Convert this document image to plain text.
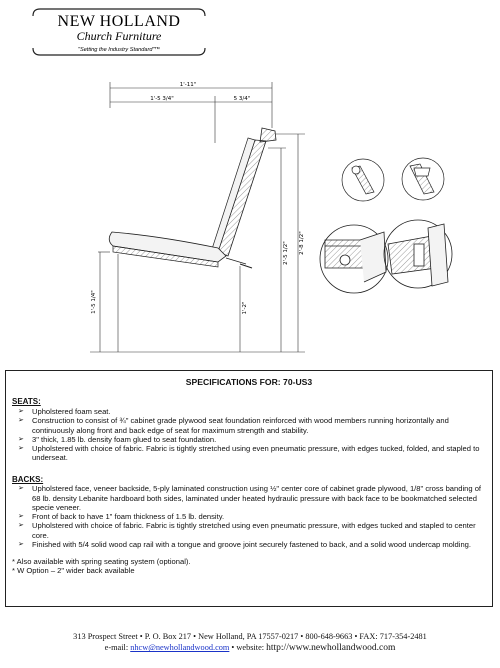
NEW HOLLAND
Church Furniture
"Setting the Industry Standard"™
1'-11"
1'-5 3/4"	5 3/4"
2'-8 1/2"
2'-5 1/2"
1'-2"
1'-5 1/4"
SPECIFICATIONS FOR: 70-US3
SEATS:
➢ Upholstered foam seat.
➢ Construction to consist of ¾" cabinet grade plywood seat foundation reinforced with wood members running horizontally and continuously along front and back edge of seat for maximum strength and stability.
➢ 3" thick, 1.85 lb. density foam glued to seat foundation.
➢ Upholstered with choice of fabric. Fabric is tightly stretched using even pneumatic pressure, with edges tucked, folded, and stapled to underseat.
BACKS:
➢ Upholstered face, veneer backside, 5-ply laminated construction using ½" center core of cabinet grade plywood, 1/8" cross banding of 68 lb. density Lebanite hardboard both sides, laminated under heated hydraulic pressure with back face to be bookmatched selected specie veneer.
➢ Front of back to have 1" foam thickness of 1.5 lb. density.
➢ Upholstered with choice of fabric. Fabric is tightly stretched using even pneumatic pressure, with edges tucked and stapled to center core.
➢ Finished with 5/4 solid wood cap rail with a tongue and groove joint securely fastened to back, and a solid wood undercap molding.

* Also available with spring seating system (optional).

* W Option – 2" wider back available

313 Prospect Street • P. O. Box 217 • New Holland, PA 17557-0217 • 800-648-9663 • FAX: 717-354-2481
e-mail: nhcw@newhollandwood.com • website: http://www.newhollandwood.com
